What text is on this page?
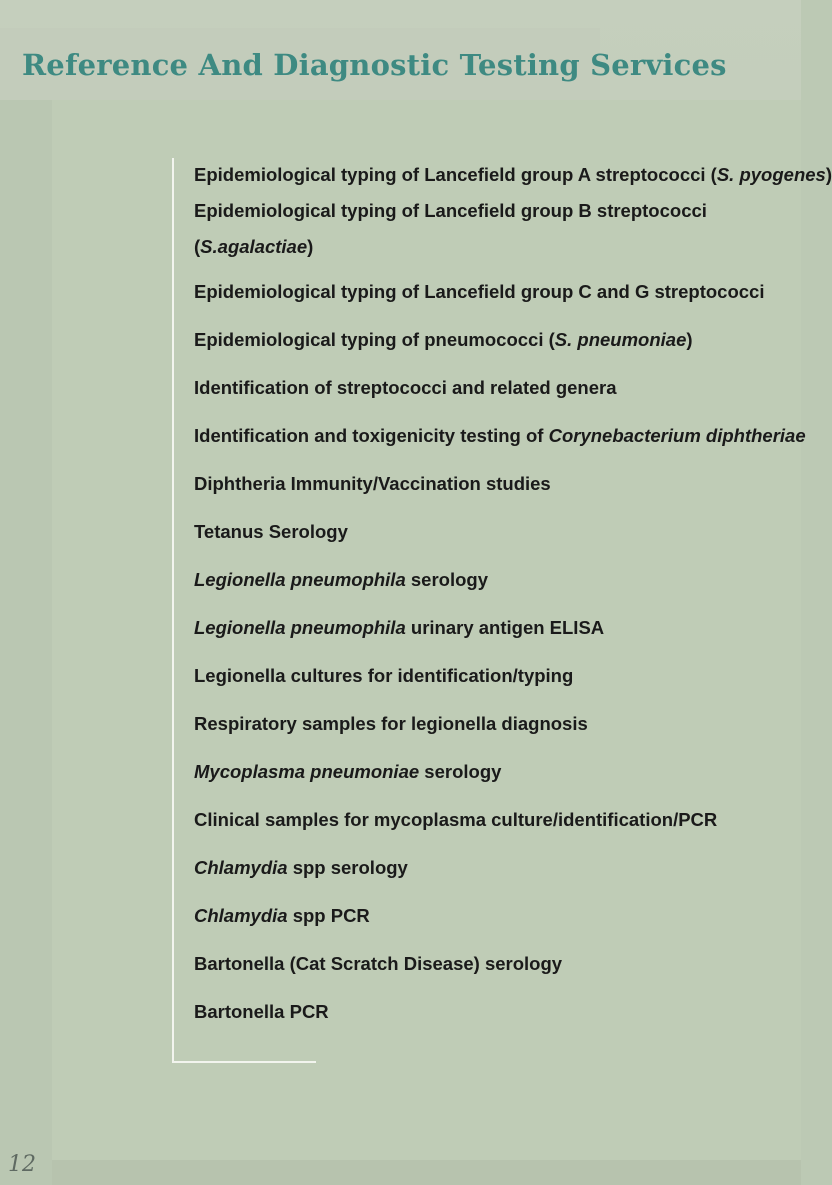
Reference And Diagnostic Testing Services
Epidemiological typing of Lancefield group A streptococci (S. pyogenes)
Epidemiological typing of Lancefield group B streptococci
(S.agalactiae)
Epidemiological typing of Lancefield group C and G streptococci
Epidemiological typing of pneumococci (S. pneumoniae)
Identification of streptococci and related genera
Identification and toxigenicity testing of Corynebacterium diphtheriae
Diphtheria Immunity/Vaccination studies
Tetanus Serology
Legionella pneumophila serology
Legionella pneumophila urinary antigen ELISA
Legionella cultures for identification/typing
Respiratory samples for legionella diagnosis
Mycoplasma pneumoniae serology
Clinical samples for mycoplasma culture/identification/PCR
Chlamydia spp serology
Chlamydia spp PCR
Bartonella (Cat Scratch Disease) serology
Bartonella PCR
12
